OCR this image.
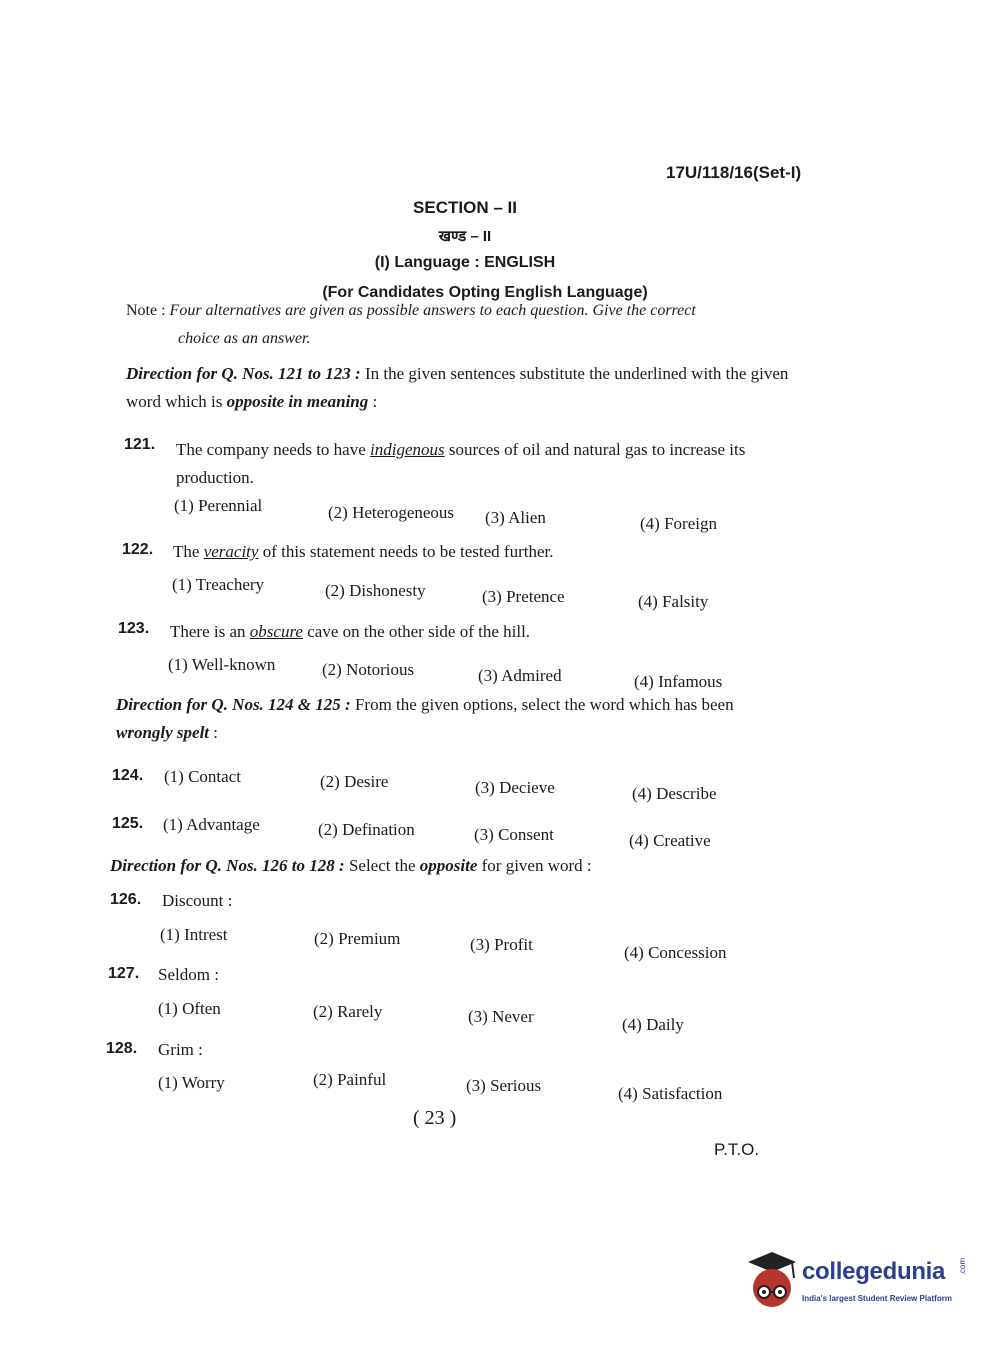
17U/118/16(Set-I)
SECTION – II
खण्ड – II
(I) Language : ENGLISH
(For Candidates Opting English Language)
Note : Four alternatives are given as possible answers to each question. Give the correct
choice as an answer.
Direction for Q. Nos. 121 to 123 : In the given sentences substitute the underlined with the given word which is opposite in meaning :
121. The company needs to have indigenous sources of oil and natural gas to increase its production.
(1) Perennial	(2) Heterogeneous (3) Alien	(4) Foreign
122. The veracity of this statement needs to be tested further.
(1) Treachery	(2) Dishonesty	(3) Pretence	(4) Falsity
123. There is an obscure cave on the other side of the hill.
(1) Well-known	(2) Notorious	(3) Admired	(4) Infamous
Direction for Q. Nos. 124 & 125 : From the given options, select the word which has been wrongly spelt :
124. (1) Contact	(2) Desire	(3) Decieve	(4) Describe
125. (1) Advantage	(2) Defination	(3) Consent	(4) Creative
Direction for Q. Nos. 126 to 128 : Select the opposite for given word :
126. Discount :
(1) Intrest	(2) Premium	(3) Profit	(4) Concession
127. Seldom :
(1) Often	(2) Rarely	(3) Never	(4) Daily
128. Grim :
(1) Worry	(2) Painful	(3) Serious	(4) Satisfaction
( 23 )
P.T.O.
collegedunia .com
India's largest Student Review Platform
